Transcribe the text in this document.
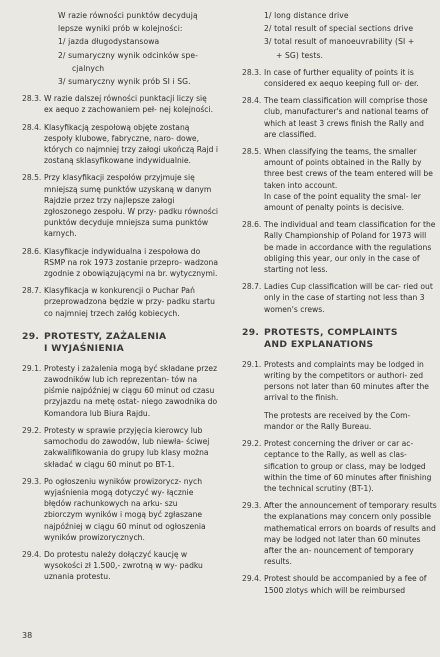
W razie równości punktów decydują

lepsze wyniki prób w kolejności:

1/ jazda długodystansowa

2/ sumaryczny wynik odcinków spe-

cjalnych

3/ sumaryczny wynik prób SI i SG.

28.3. W razie dalszej równości punktacji liczy się ex aequo z zachowaniem peł- nej kolejności.
28.4. Klasyfikacją zespołową objęte zostaną zespoły klubowe, fabryczne, naro- dowe, których co najmniej trzy załogi ukończą Rajd i zostaną sklasyfikowane indywidualnie.
28.5. Przy klasyfikacji zespołów przyjmuje się mniejszą sumę punktów uzyskaną w danym Rajdzie przez trzy najlepsze załogi zgłoszonego zespołu. W przy- padku równości punktów decyduje mniejsza suma punktów karnych.
28.6. Klasyfikacje indywidualna i zespołowa do RSMP na rok 1973 zostanie przepro- wadzona zgodnie z obowiązującymi na br. wytycznymi.
28.7. Klasyfikacja w konkurencji o Puchar Pań przeprowadzona będzie w przy- padku startu co najmniej trzech załóg kobiecych.
29. PROTESTY, ZAŻALENIA
I WYJAŚNIENIA
29.1. Protesty i zażalenia mogą być składane przez zawodników lub ich reprezentan- tów na piśmie najpóźniej w ciągu 60 minut od czasu przyjazdu na metę ostat- niego zawodnika do Komandora lub Biura Rajdu.
29.2. Protesty w sprawie przyjęcia kierowcy lub samochodu do zawodów, lub niewła- ściwej zakwalifikowania do grupy lub klasy można składać w ciągu 60 minut po BT-1.
29.3. Po ogłoszeniu wyników prowizorycz- nych wyjaśnienia mogą dotyczyć wy- łącznie błędów rachunkowych na arku- szu zbiorczym wyników i mogą być zgłaszane najpóźniej w ciągu 60 minut od ogłoszenia wyników prowizorycznych.
29.4. Do protestu należy dołączyć kaucję w wysokości zł 1.500,- zwrotną w wy- padku uznania protestu.

1/ long distance drive

2/ total result of special sections drive

3/ total result of manoeuvrability (SI +

+ SG) tests.

28.3. In case of further equality of points it is considered ex aequo keeping full or- der.
28.4. The team classification will comprise those club, manufacturer's and national teams of which at least 3 crews finish the Rally and are classified.
28.5. When classifying the teams, the smaller amount of points obtained in the Rally by three best crews of the team entered will be taken into account.
In case of the point equality the smal- ler amount of penalty points is decisive.
28.6. The individual and team classification for the Rally Championship of Poland for 1973 will be made in accordance with the regulations obliging this year, our only in the case of starting not less.
28.7. Ladies Cup classification will be car- ried out only in the case of starting not less than 3 women's crews.
29. PROTESTS, COMPLAINTS
AND EXPLANATIONS
29.1. Protests and complaints may be lodged in writing by the competitors or authori- zed persons not later than 60 minutes after the arrival to the finish.
The protests are received by the Com- mandor or the Rally Bureau.
29.2. Protest concerning the driver or car ac- ceptance to the Rally, as well as clas- sification to group or class, may be lodged within the time of 60 minutes after finishing the technical scrutiny (BT-1).
29.3. After the announcement of temporary results the explanations may concern only possible mathematical errors on boards of results and may be lodged not later than 60 minutes after the an- nouncement of temporary results.
29.4. Protest should be accompanied by a fee of 1500 zlotys which will be reimbursed
38
